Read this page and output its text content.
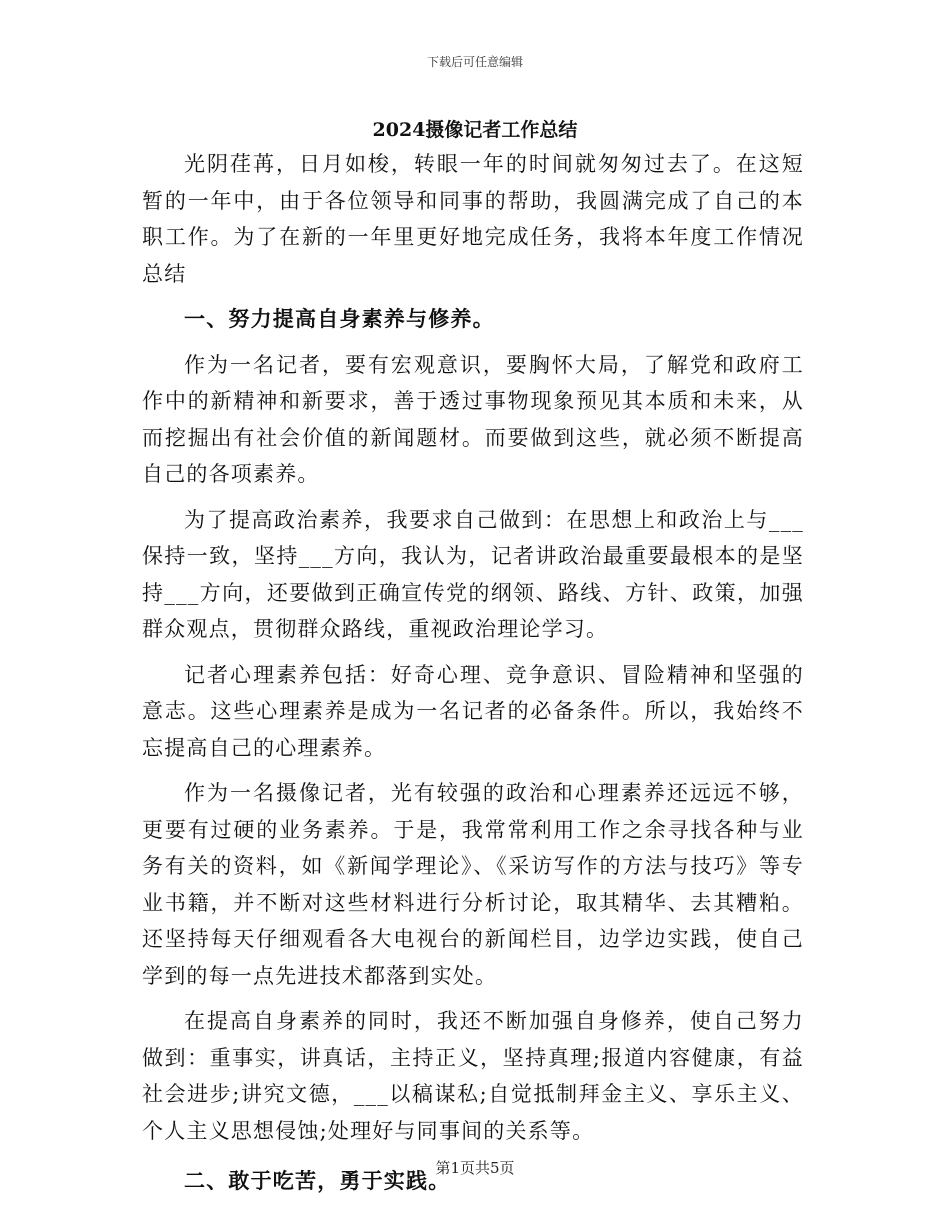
下载后可任意编辑
2024摄像记者工作总结

光阴荏苒，日月如梭，转眼一年的时间就匆匆过去了。在这短暂的一年中，由于各位领导和同事的帮助，我圆满完成了自己的本职工作。为了在新的一年里更好地完成任务，我将本年度工作情况总结

一、努力提高自身素养与修养。

作为一名记者，要有宏观意识，要胸怀大局，了解党和政府工作中的新精神和新要求，善于透过事物现象预见其本质和未来，从而挖掘出有社会价值的新闻题材。而要做到这些，就必须不断提高自己的各项素养。

为了提高政治素养，我要求自己做到：在思想上和政治上与___保持一致，坚持___方向，我认为，记者讲政治最重要最根本的是坚持___方向，还要做到正确宣传党的纲领、路线、方针、政策，加强群众观点，贯彻群众路线，重视政治理论学习。

记者心理素养包括：好奇心理、竞争意识、冒险精神和坚强的意志。这些心理素养是成为一名记者的必备条件。所以，我始终不忘提高自己的心理素养。

作为一名摄像记者，光有较强的政治和心理素养还远远不够，更要有过硬的业务素养。于是，我常常利用工作之余寻找各种与业务有关的资料，如《新闻学理论》、《采访写作的方法与技巧》等专业书籍，并不断对这些材料进行分析讨论，取其精华、去其糟粕。还坚持每天仔细观看各大电视台的新闻栏目，边学边实践，使自己学到的每一点先进技术都落到实处。

在提高自身素养的同时，我还不断加强自身修养，使自己努力做到：重事实，讲真话，主持正义，坚持真理;报道内容健康，有益社会进步;讲究文德，___以稿谋私;自觉抵制拜金主义、享乐主义、个人主义思想侵蚀;处理好与同事间的关系等。

二、敢于吃苦，勇于实践。

第1页共5页
